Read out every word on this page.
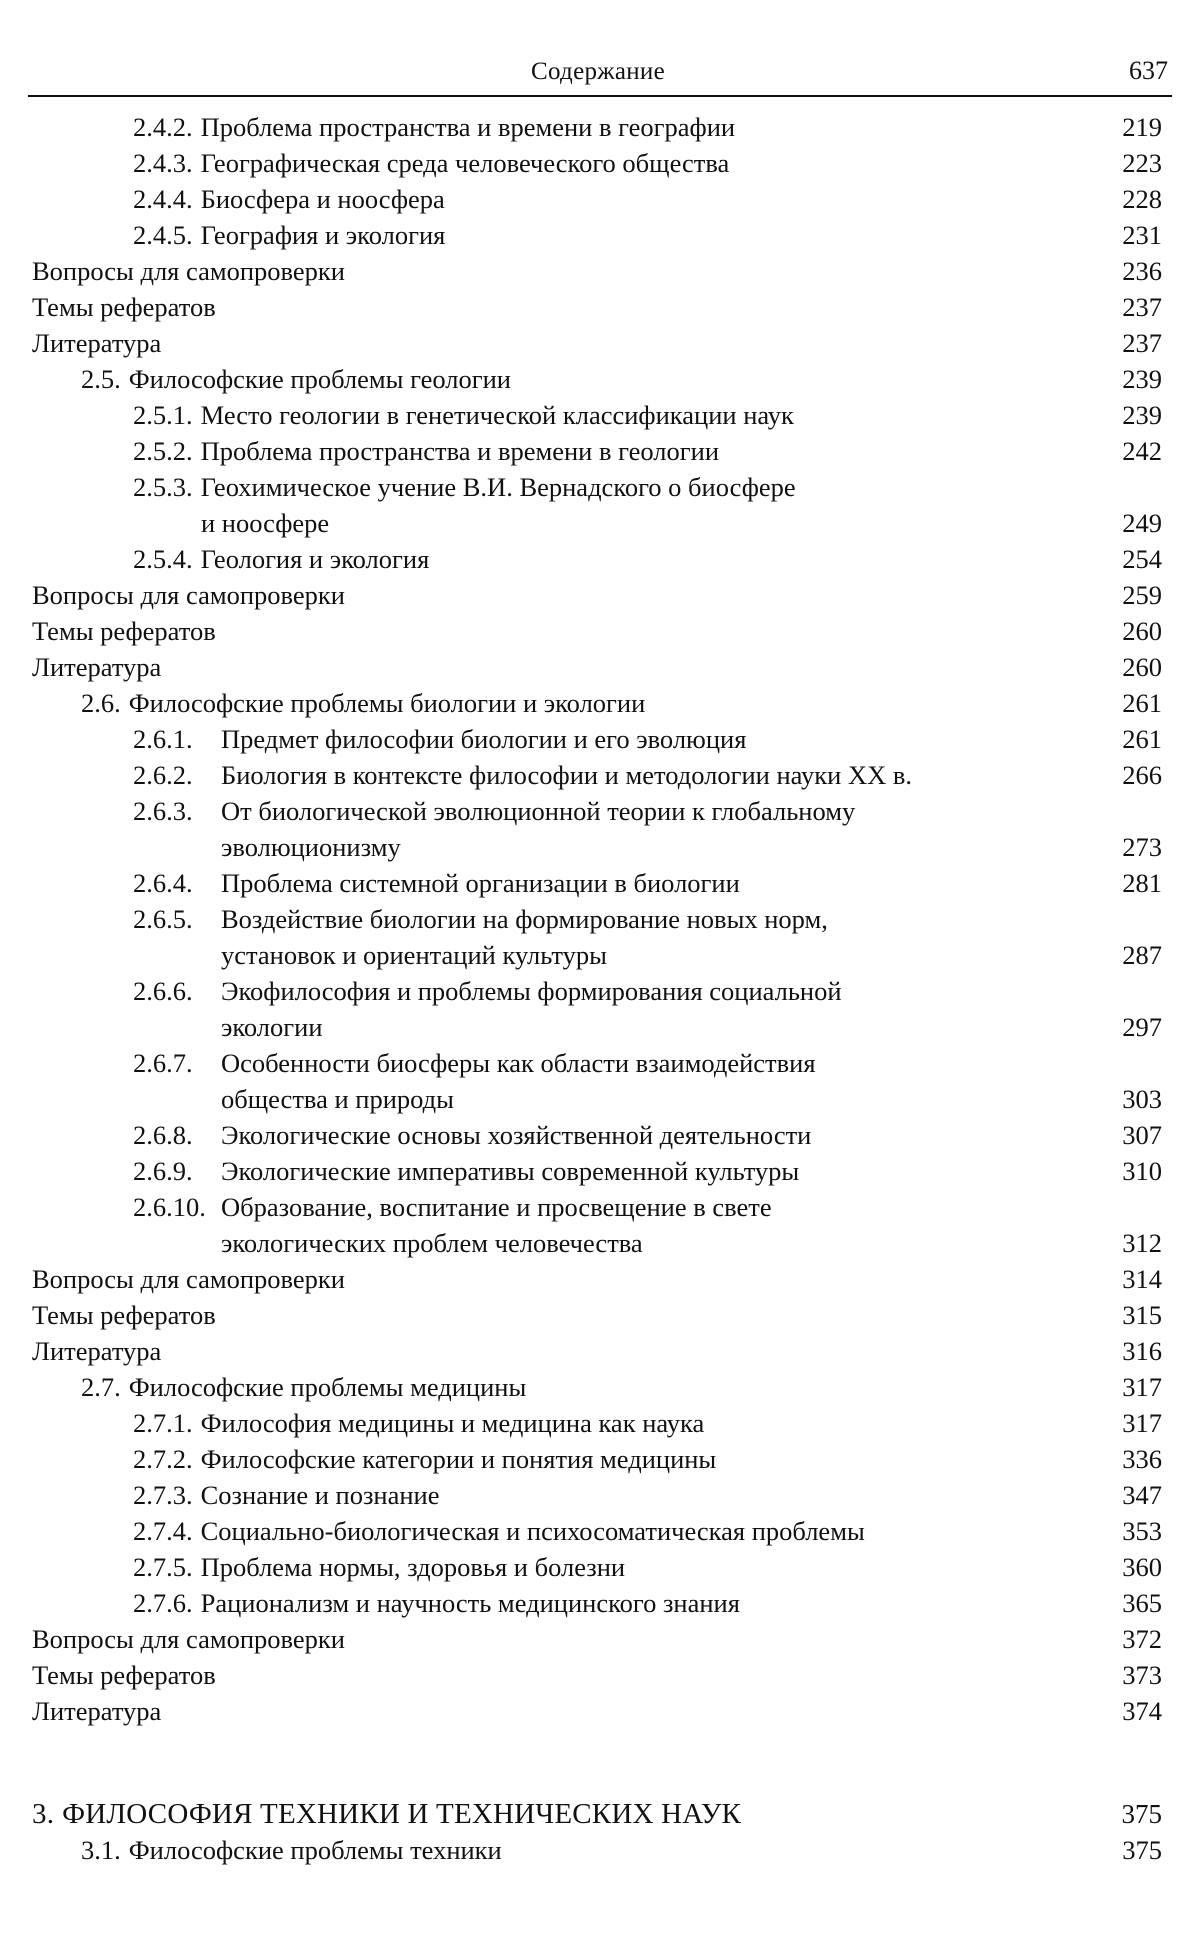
Содержание	637
2.4.2. Проблема пространства и времени в географии	219
2.4.3. Географическая среда человеческого общества	223
2.4.4. Биосфера и ноосфера	228
2.4.5. География и экология	231
Вопросы для самопроверки	236
Темы рефератов	237
Литература	237
2.5. Философские проблемы геологии	239
2.5.1. Место геологии в генетической классификации наук	239
2.5.2. Проблема пространства и времени в геологии	242
2.5.3. Геохимическое учение В.И. Вернадского о биосфере
и ноосфере	249
2.5.4. Геология и экология	254
Вопросы для самопроверки	259
Темы рефератов	260
Литература	260
2.6. Философские проблемы биологии и экологии	261
2.6.1.	Предмет философии биологии и его эволюция	261
2.6.2.	Биология в контексте философии и методологии науки XX в.	266
2.6.3.	От биологической эволюционной теории к глобальному
эволюционизму	273
2.6.4.	Проблема системной организации в биологии	281
2.6.5.	Воздействие биологии на формирование новых норм,
установок и ориентаций культуры	287
2.6.6.	Экофилософия и проблемы формирования социальной
экологии	297
2.6.7.	Особенности биосферы как области взаимодействия
общества и природы	303
2.6.8.	Экологические основы хозяйственной деятельности	307
2.6.9.	Экологические императивы современной культуры	310
2.6.10. Образование, воспитание и просвещение в свете
экологических проблем человечества	312
Вопросы для самопроверки	314
Темы рефератов	315
Литература	316
2.7. Философские проблемы медицины	317
2.7.1. Философия медицины и медицина как наука	317
2.7.2. Философские категории и понятия медицины	336
2.7.3. Сознание и познание	347
2.7.4. Социально-биологическая и психосоматическая проблемы	353
2.7.5. Проблема нормы, здоровья и болезни	360
2.7.6. Рационализм и научность медицинского знания	365
Вопросы для самопроверки	372
Темы рефератов	373
Литература	374
3. ФИЛОСОФИЯ ТЕХНИКИ И ТЕХНИЧЕСКИХ НАУК	375
3.1. Философские проблемы техники	375
